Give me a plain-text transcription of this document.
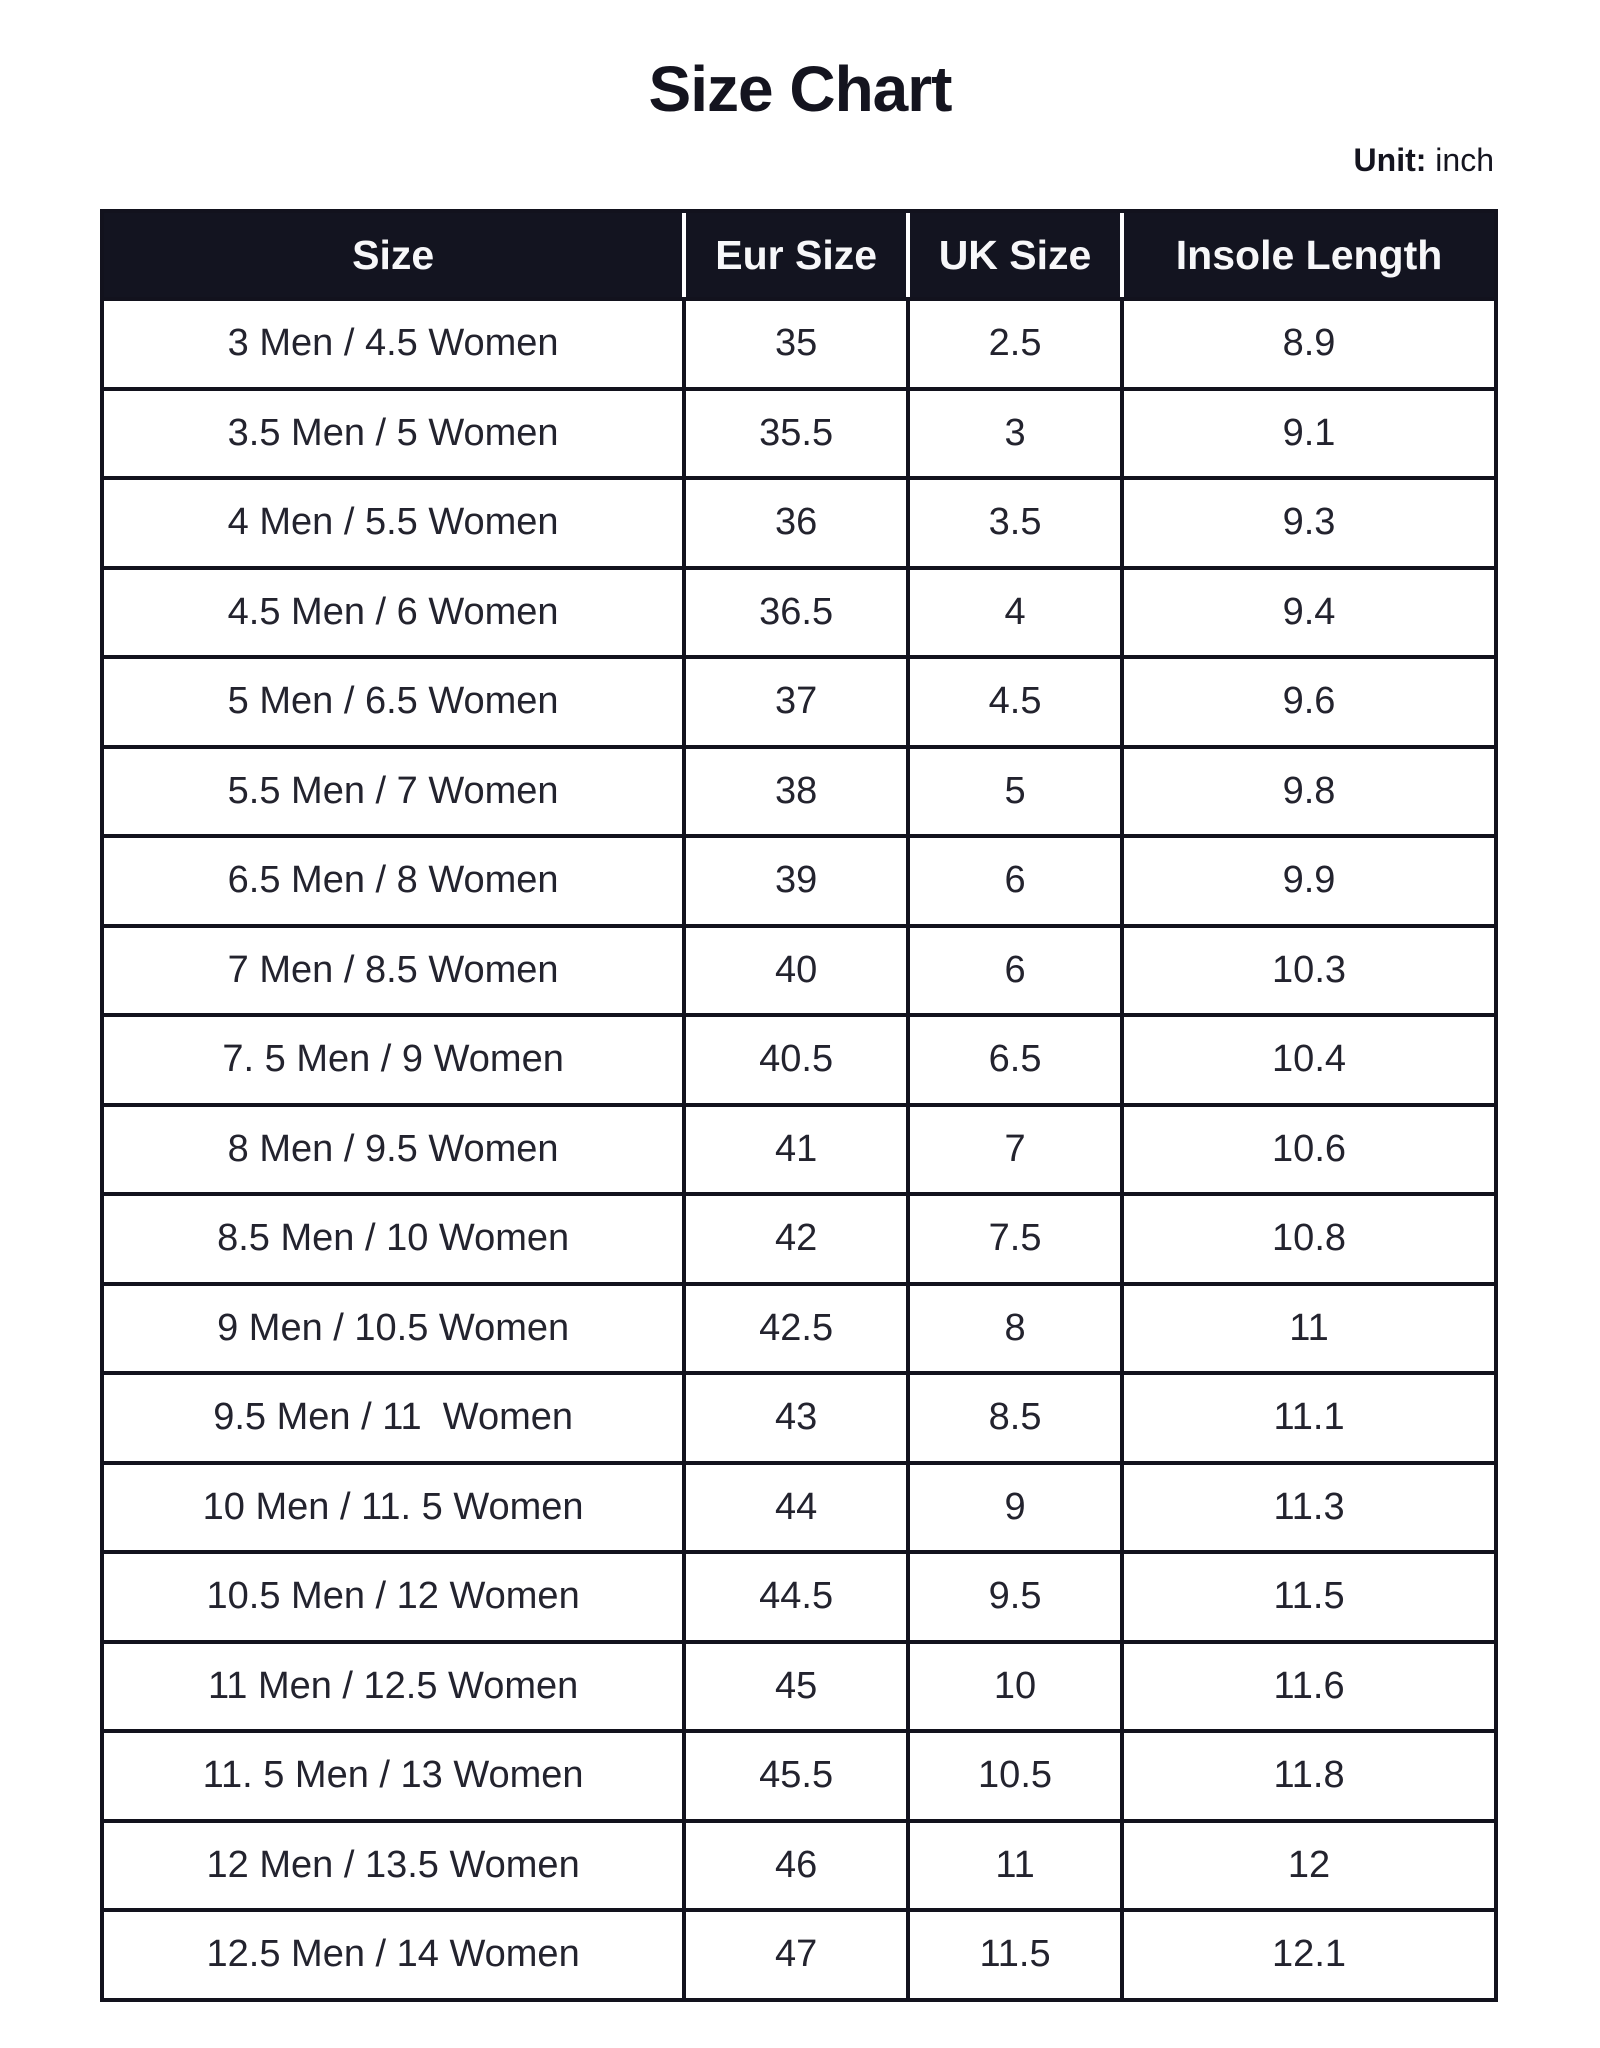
Size Chart
Unit: inch
Size	Eur Size	UK Size	Insole Length
3 Men / 4.5 Women	35	2.5	8.9
3.5 Men / 5 Women	35.5	3	9.1
4 Men / 5.5 Women	36	3.5	9.3
4.5 Men / 6 Women	36.5	4	9.4
5 Men / 6.5 Women	37	4.5	9.6
5.5 Men / 7 Women	38	5	9.8
6.5 Men / 8 Women	39	6	9.9
7 Men / 8.5 Women	40	6	10.3
7. 5 Men / 9 Women	40.5	6.5	10.4
8 Men / 9.5 Women	41	7	10.6
8.5 Men / 10 Women	42	7.5	10.8
9 Men / 10.5 Women	42.5	8	11
9.5 Men / 11  Women	43	8.5	11.1
10 Men / 11. 5 Women	44	9	11.3
10.5 Men / 12 Women	44.5	9.5	11.5
11 Men / 12.5 Women	45	10	11.6
11. 5 Men / 13 Women	45.5	10.5	11.8
12 Men / 13.5 Women	46	11	12
12.5 Men / 14 Women	47	11.5	12.1
